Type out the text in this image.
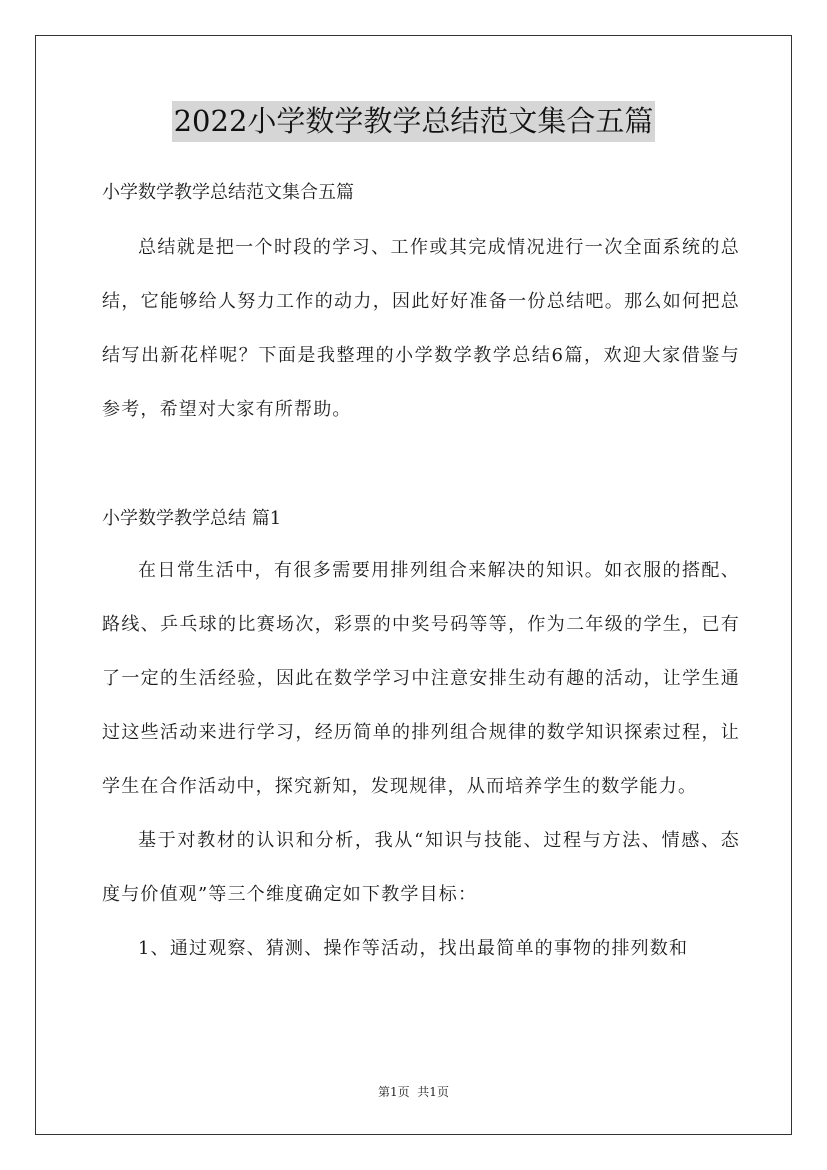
2022小学数学教学总结范文集合五篇
小学数学教学总结范文集合五篇

总结就是把一个时段的学习、工作或其完成情况进行一次全面系统的总结，它能够给人努力工作的动力，因此好好准备一份总结吧。那么如何把总结写出新花样呢？下面是我整理的小学数学教学总结6篇，欢迎大家借鉴与参考，希望对大家有所帮助。

小学数学教学总结 篇1

在日常生活中，有很多需要用排列组合来解决的知识。如衣服的搭配、路线、乒乓球的比赛场次，彩票的中奖号码等等，作为二年级的学生，已有了一定的生活经验，因此在数学学习中注意安排生动有趣的活动，让学生通过这些活动来进行学习，经历简单的排列组合规律的数学知识探索过程，让学生在合作活动中，探究新知，发现规律，从而培养学生的数学能力。

基于对教材的认识和分析，我从“知识与技能、过程与方法、情感、态度与价值观”等三个维度确定如下教学目标：

1、通过观察、猜测、操作等活动，找出最简单的事物的排列数和

第1页  共1页
